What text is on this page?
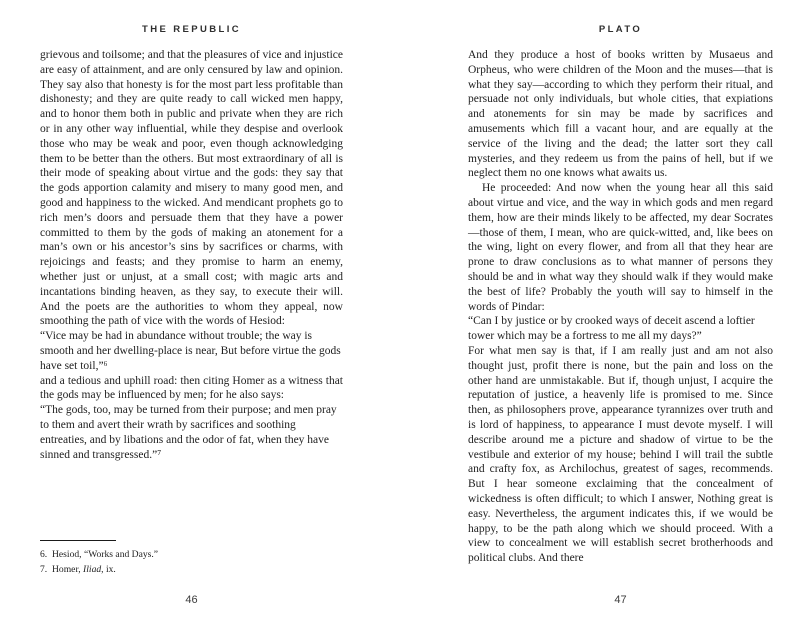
THE REPUBLIC

grievous and toilsome; and that the pleasures of vice and injustice are easy of attainment, and are only censured by law and opinion. They say also that honesty is for the most part less profitable than dishonesty; and they are quite ready to call wicked men happy, and to honor them both in public and private when they are rich or in any other way influential, while they despise and overlook those who may be weak and poor, even though acknowledging them to be better than the others. But most extraordinary of all is their mode of speaking about virtue and the gods: they say that the gods apportion calamity and misery to many good men, and good and happiness to the wicked. And mendicant prophets go to rich men’s doors and persuade them that they have a power committed to them by the gods of making an atonement for a man’s own or his ancestor’s sins by sacrifices or charms, with rejoicings and feasts; and they promise to harm an enemy, whether just or unjust, at a small cost; with magic arts and incantations binding heaven, as they say, to execute their will. And the poets are the authorities to whom they appeal, now smoothing the path of vice with the words of Hesiod:

“Vice may be had in abundance without trouble; the way is smooth and her dwelling-place is near, But before virtue the gods have set toil,”⁶

and a tedious and uphill road: then citing Homer as a witness that the gods may be influenced by men; for he also says:

“The gods, too, may be turned from their purpose; and men pray to them and avert their wrath by sacrifices and soothing entreaties, and by libations and the odor of fat, when they have sinned and transgressed.”⁷

6. Hesiod, “Works and Days.”
7. Homer, Iliad, ix.
46
PLATO

And they produce a host of books written by Musaeus and Orpheus, who were children of the Moon and the muses—that is what they say—according to which they perform their ritual, and persuade not only individuals, but whole cities, that expiations and atonements for sin may be made by sacrifices and amusements which fill a vacant hour, and are equally at the service of the living and the dead; the latter sort they call mysteries, and they redeem us from the pains of hell, but if we neglect them no one knows what awaits us.

He proceeded: And now when the young hear all this said about virtue and vice, and the way in which gods and men regard them, how are their minds likely to be affected, my dear Socrates—those of them, I mean, who are quick-witted, and, like bees on the wing, light on every flower, and from all that they hear are prone to draw conclusions as to what manner of persons they should be and in what way they should walk if they would make the best of life? Probably the youth will say to himself in the words of Pindar:

“Can I by justice or by crooked ways of deceit ascend a loftier tower which may be a fortress to me all my days?”

For what men say is that, if I am really just and am not also thought just, profit there is none, but the pain and loss on the other hand are unmistakable. But if, though unjust, I acquire the reputation of justice, a heavenly life is promised to me. Since then, as philosophers prove, appearance tyrannizes over truth and is lord of happiness, to appearance I must devote myself. I will describe around me a picture and shadow of virtue to be the vestibule and exterior of my house; behind I will trail the subtle and crafty fox, as Archilochus, greatest of sages, recommends. But I hear someone exclaiming that the concealment of wickedness is often difficult; to which I answer, Nothing great is easy. Nevertheless, the argument indicates this, if we would be happy, to be the path along which we should proceed. With a view to concealment we will establish secret brotherhoods and political clubs. And there

47
